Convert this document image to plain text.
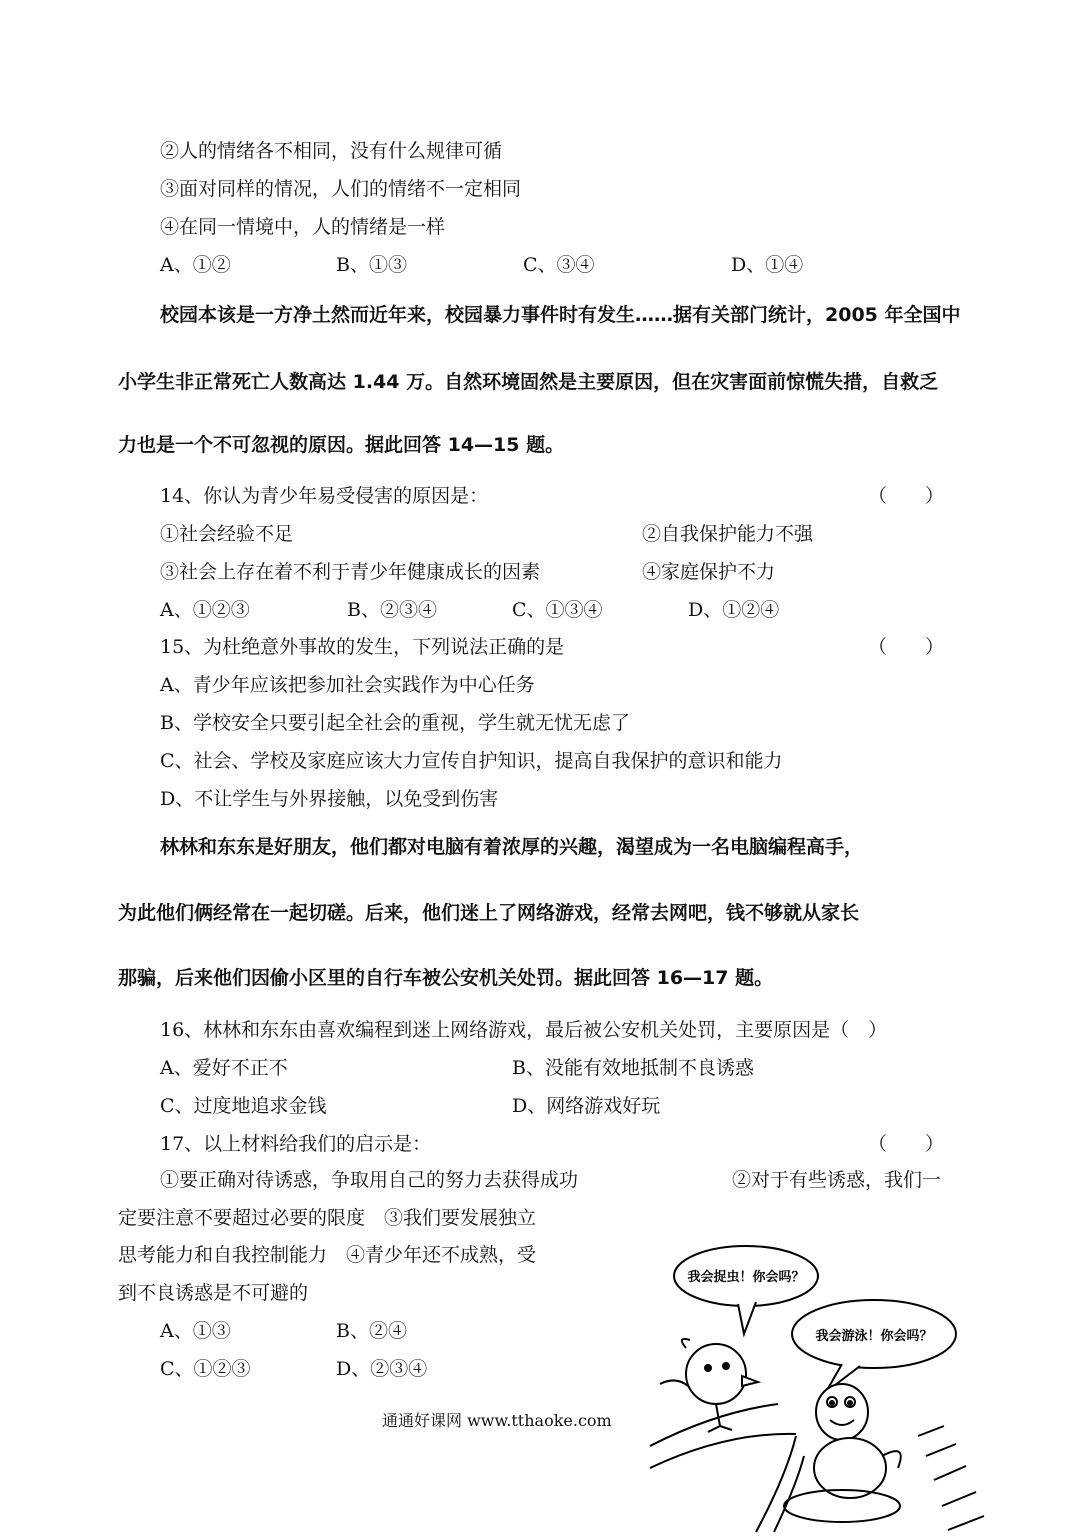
②人的情绪各不相同，没有什么规律可循
③面对同样的情况，人们的情绪不一定相同
④在同一情境中，人的情绪是一样
A、①②	B、①③	C、③④	D、①④
校园本该是一方净土然而近年来，校园暴力事件时有发生……据有关部门统计，2005 年全国中
小学生非正常死亡人数高达 1.44 万。自然环境固然是主要原因，但在灾害面前惊慌失措，自救乏
力也是一个不可忽视的原因。据此回答 14—15 题。
14、你认为青少年易受侵害的原因是：	（　　）
①社会经验不足	②自我保护能力不强
③社会上存在着不利于青少年健康成长的因素	④家庭保护不力
A、①②③	B、②③④	C、①③④	D、①②④
15、为杜绝意外事故的发生，下列说法正确的是	（　　）
A、青少年应该把参加社会实践作为中心任务
B、学校安全只要引起全社会的重视，学生就无忧无虑了
C、社会、学校及家庭应该大力宣传自护知识，提高自我保护的意识和能力
D、不让学生与外界接触，以免受到伤害
林林和东东是好朋友，他们都对电脑有着浓厚的兴趣，渴望成为一名电脑编程高手，
为此他们俩经常在一起切磋。后来，他们迷上了网络游戏，经常去网吧，钱不够就从家长
那骗，后来他们因偷小区里的自行车被公安机关处罚。据此回答 16—17 题。
16、林林和东东由喜欢编程到迷上网络游戏，最后被公安机关处罚，主要原因是（　）
A、爱好不正不	B、没能有效地抵制不良诱惑
C、过度地追求金钱	D、网络游戏好玩
17、以上材料给我们的启示是：	（　　）
①要正确对待诱惑，争取用自己的努力去获得成功	②对于有些诱惑，我们一
定要注意不要超过必要的限度　③我们要发展独立
思考能力和自我控制能力　④青少年还不成熟，受
到不良诱惑是不可避的
A、①③	B、②④
C、①②③	D、②③④
通通好课网 www.tthaoke.com
我会捉虫！你会吗？
我会游泳！你会吗？
